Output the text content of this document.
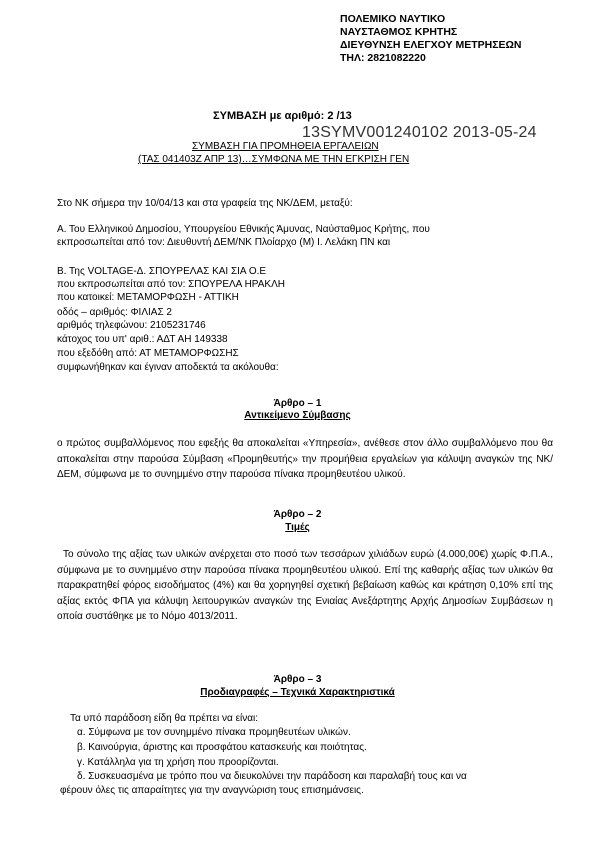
ΠΟΛΕΜΙΚΟ ΝΑΥΤΙΚΟ
ΝΑΥΣΤΑΘΜΟΣ ΚΡΗΤΗΣ
ΔΙΕΥΘΥΝΣΗ ΕΛΕΓΧΟΥ ΜΕΤΡΗΣΕΩΝ
ΤΗΛ: 2821082220
ΣΥΜΒΑΣΗ με αριθμό: 2 /13
13SYMV001240102 2013-05-24
ΣΥΜΒΑΣΗ ΓΙΑ ΠΡΟΜΗΘΕΙΑ ΕΡΓΑΛΕΙΩΝ
(ΤΑΣ 041403Ζ ΑΠΡ 13)…ΣΥΜΦΩΝΑ ΜΕ ΤΗΝ ΕΓΚΡΙΣΗ ΓΕΝ
Στο ΝΚ σήμερα την 10/04/13 και στα γραφεία της ΝΚ/ΔΕΜ, μεταξύ:
Α. Του Ελληνικού Δημοσίου, Υπουργείου Εθνικής Άμυνας, Ναύσταθμος Κρήτης, που
εκπροσωπείται από τον: Διευθυντή ΔΕΜ/ΝΚ Πλοίαρχο (Μ) Ι. Λελάκη ΠΝ και
Β. Της VOLTAGE-Δ. ΣΠΟΥΡΕΛΑΣ ΚΑΙ ΣΙΑ Ο.Ε
που εκπροσωπείται από τον: ΣΠΟΥΡΕΛΑ ΗΡΑΚΛΗ
που κατοικεί: ΜΕΤΑΜΟΡΦΩΣΗ - ΑΤΤΙΚΗ
οδός – αριθμός: ΦΙΛΙΑΣ 2
αριθμός τηλεφώνου: 2105231746
κάτοχος του υπ' αριθ.: ΑΔΤ ΑΗ 149338
που εξεδόθη από: ΑΤ ΜΕΤΑΜΟΡΦΩΣΗΣ
συμφωνήθηκαν και έγιναν αποδεκτά τα ακόλουθα:
Άρθρο – 1
Αντικείμενο Σύμβασης
ο πρώτος συμβαλλόμενος που εφεξής θα αποκαλείται «Υπηρεσία», ανέθεσε στον άλλο συμβαλλόμενο που θα αποκαλείται στην παρούσα Σύμβαση «Προμηθευτής» την προμήθεια εργαλείων για κάλυψη αναγκών της ΝΚ/ΔΕΜ, σύμφωνα με το συνημμένο στην παρούσα πίνακα προμηθευτέου υλικού.
Άρθρο – 2
Τιμές
Το σύνολο της αξίας των υλικών ανέρχεται στο ποσό των τεσσάρων χιλιάδων ευρώ (4.000,00€) χωρίς Φ.Π.Α., σύμφωνα με το συνημμένο στην παρούσα πίνακα προμηθευτέου υλικού. Επί της καθαρής αξίας των υλικών θα παρακρατηθεί φόρος εισοδήματος (4%) και θα χορηγηθεί σχετική βεβαίωση καθώς και κράτηση 0,10% επί της αξίας εκτός ΦΠΑ για κάλυψη λειτουργικών αναγκών της Ενιαίας Ανεξάρτητης Αρχής Δημοσίων Συμβάσεων η οποία συστάθηκε με το Νόμο 4013/2011.
Άρθρο – 3
Προδιαγραφές – Τεχνικά Χαρακτηριστικά
Τα υπό παράδοση είδη θα πρέπει να είναι:
α. Σύμφωνα με τον συνημμένο πίνακα προμηθευτέων υλικών.
β. Καινούργια, άριστης και προσφάτου κατασκευής και ποιότητας.
γ. Κατάλληλα για τη χρήση που προορίζονται.
δ. Συσκευασμένα με τρόπο που να διευκολύνει την παράδοση και παραλαβή τους και να
φέρουν όλες τις απαραίτητες για την αναγνώριση τους επισημάνσεις.
